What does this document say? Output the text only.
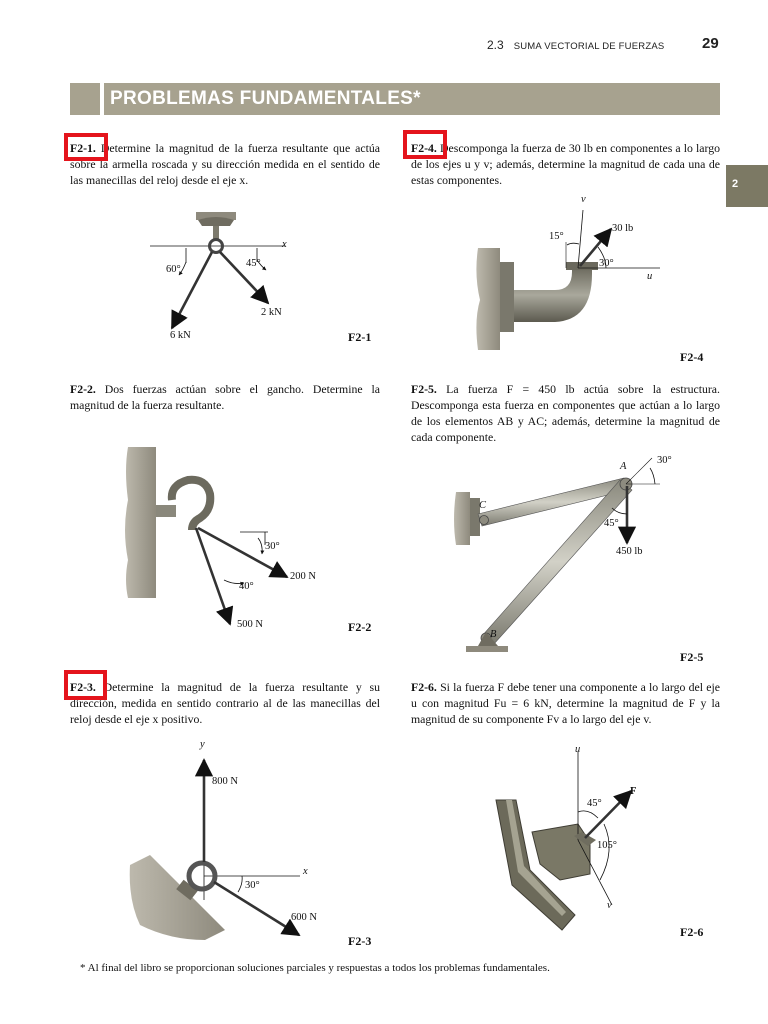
2.3 SUMA VECTORIAL DE FUERZAS	29
PROBLEMAS FUNDAMENTALES*
2

F2-1. Determine la magnitud de la fuerza resultante que actúa sobre la armella roscada y su dirección medida en el sentido de las manecillas del reloj desde el eje x.

F2-2. Dos fuerzas actúan sobre el gancho. Determine la magnitud de la fuerza resultante.

F2-3. Determine la magnitud de la fuerza resultante y su dirección, medida en sentido contrario al de las manecillas del reloj desde el eje x positivo.

F2-4. Descomponga la fuerza de 30 lb en componentes a lo largo de los ejes u y v; además, determine la magnitud de cada una de estas componentes.

F2-5. La fuerza F = 450 lb actúa sobre la estructura. Descomponga esta fuerza en componentes que actúan a lo largo de los elementos AB y AC; además, determine la magnitud de cada componente.

F2-6. Si la fuerza F debe tener una componente a lo largo del eje u con magnitud Fu = 6 kN, determine la magnitud de F y la magnitud de su componente Fv a lo largo del eje v.

x
60°
45°
2 kN
6 kN	F2-1
30°
40°
200 N
500 N	F2-2
y
800 N
x
30°
600 N
F2-3
v
15°
30 lb
30°
u
F2-4
30°
A
C
45°
450 lb
B
F2-5
u
45°
F
105°
v
F2-6
* Al final del libro se proporcionan soluciones parciales y respuestas a todos los problemas fundamentales.
